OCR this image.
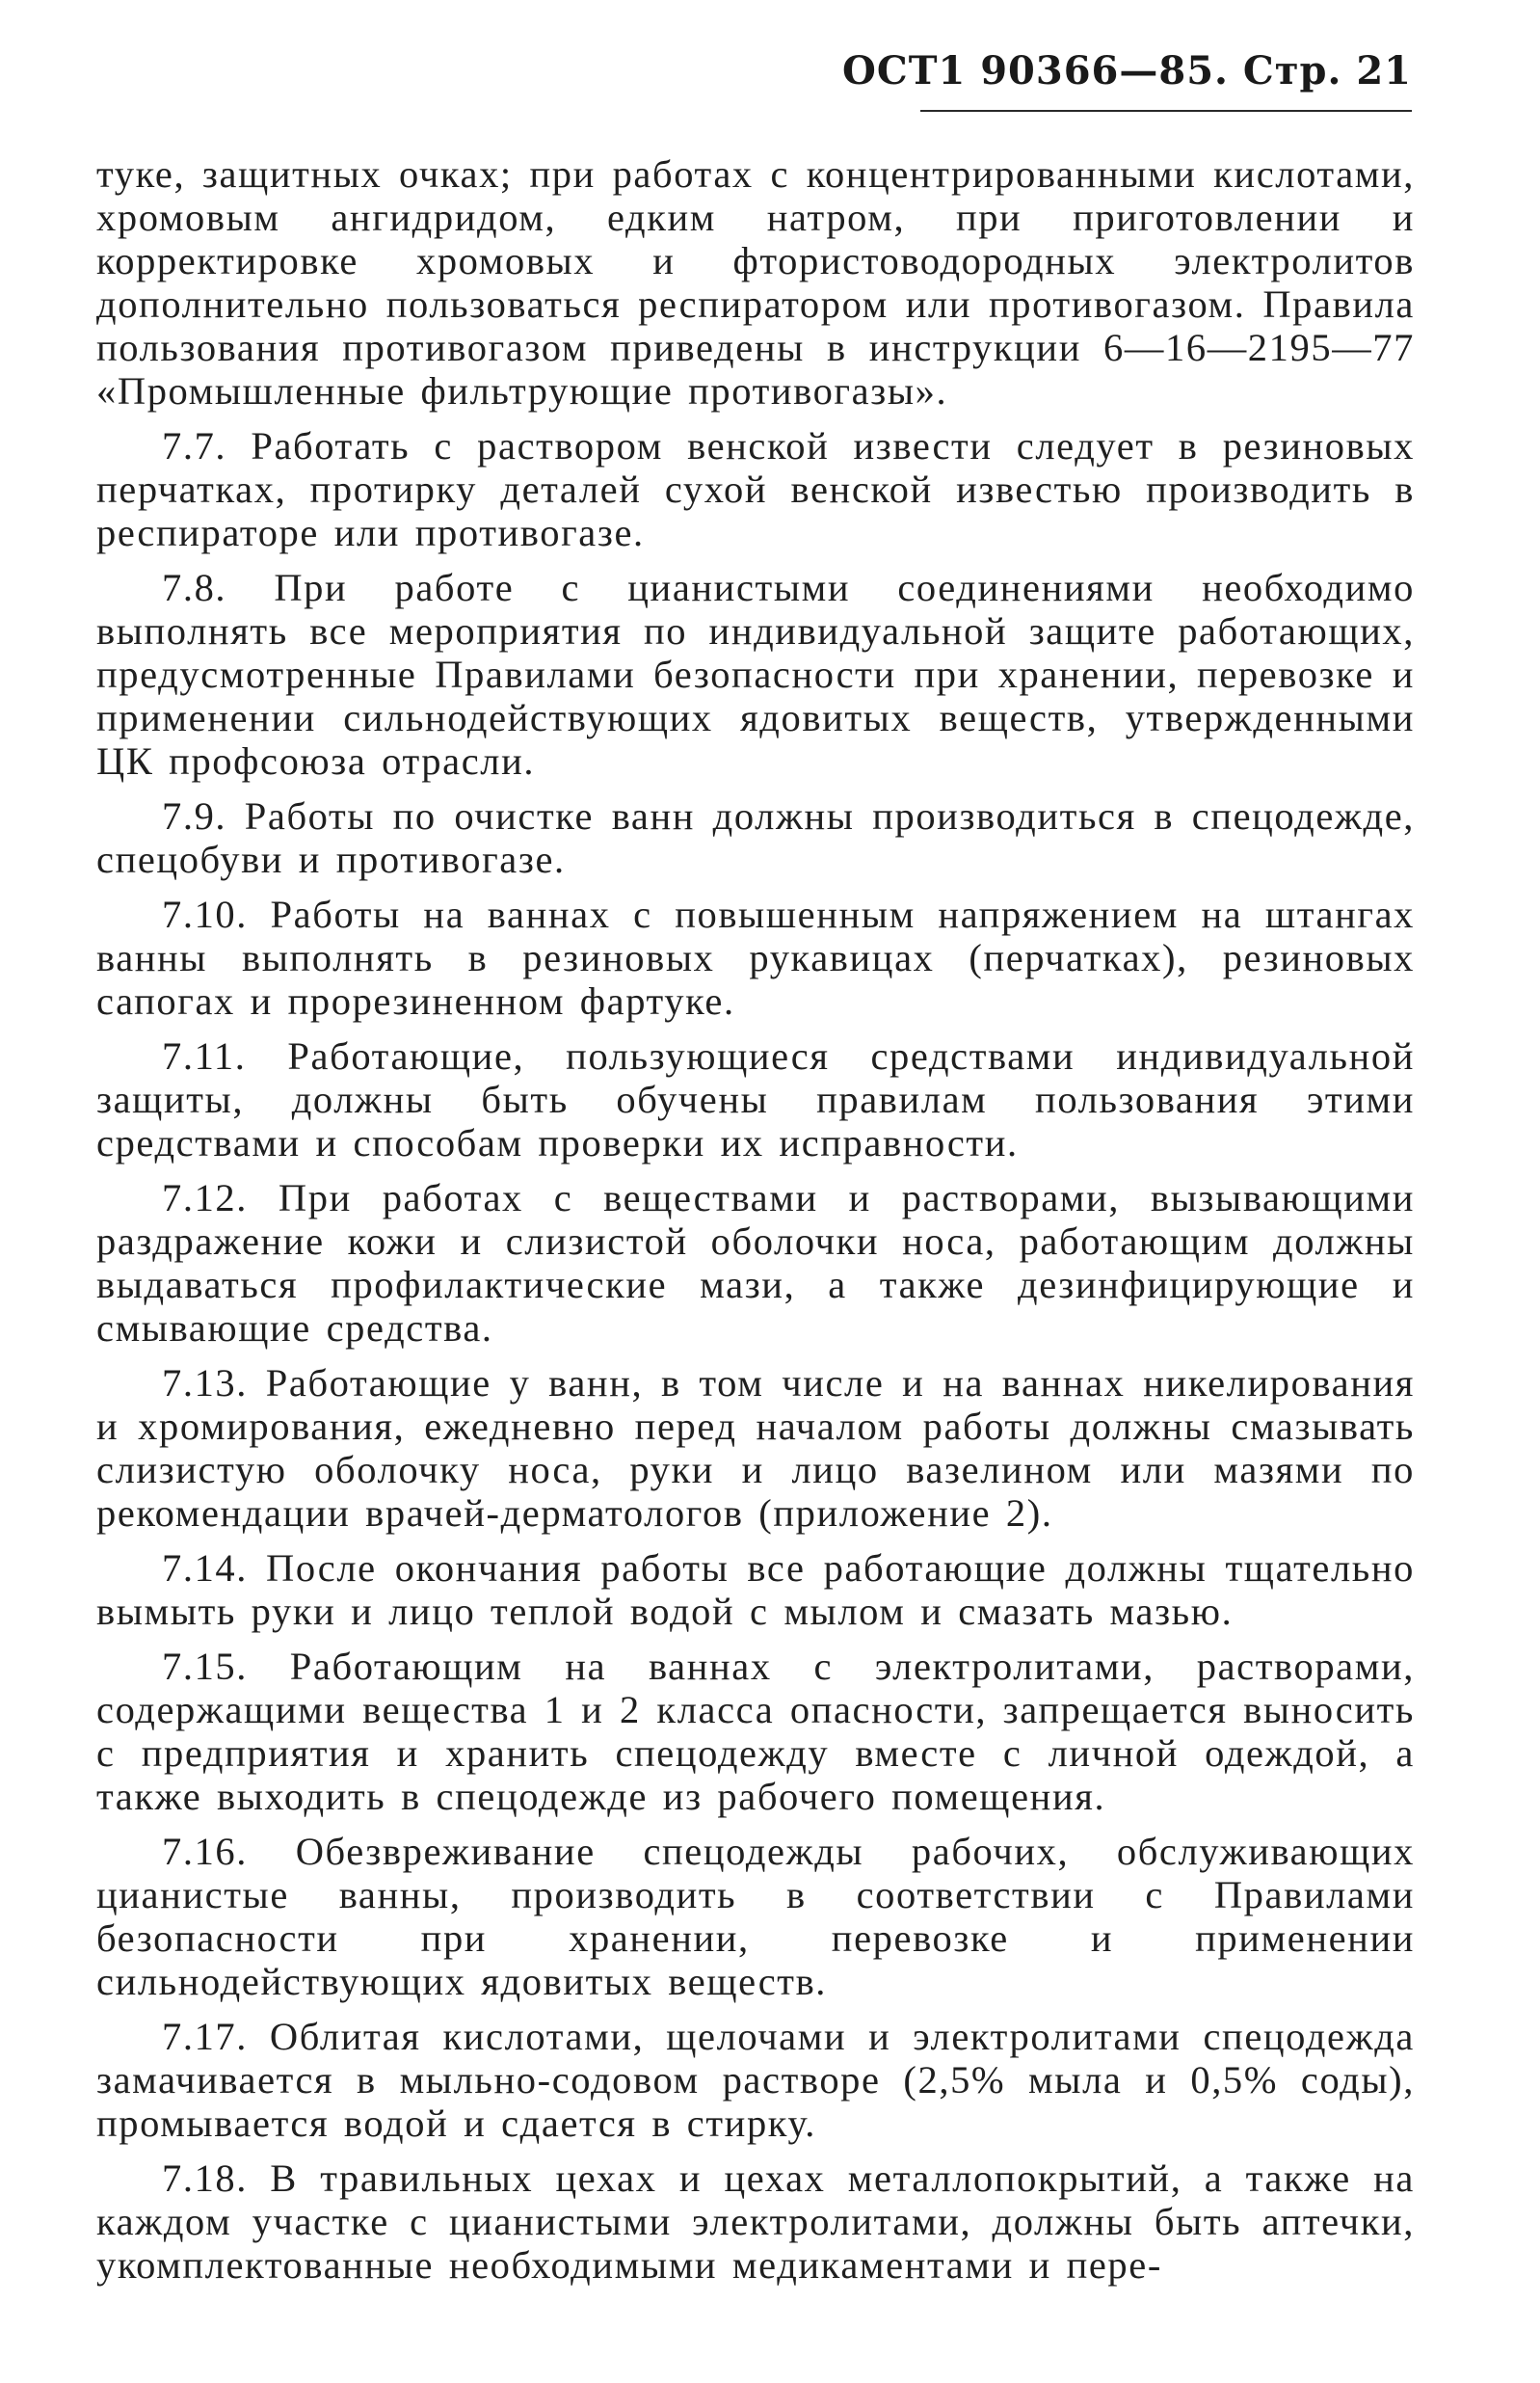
ОСТ1 90366—85. Стр. 21

туке, защитных очках; при работах с концентрированными кислотами, хромовым ангидридом, едким натром, при приготовлении и корректировке хромовых и фтористоводородных электролитов дополнительно пользоваться респиратором или противогазом. Правила пользования противогазом приведены в инструкции 6—16—2195—77 «Промышленные фильтрующие противогазы».

7.7. Работать с раствором венской извести следует в резиновых перчатках, протирку деталей сухой венской известью производить в респираторе или противогазе.

7.8. При работе с цианистыми соединениями необходимо выполнять все мероприятия по индивидуальной защите работающих, предусмотренные Правилами безопасности при хранении, перевозке и применении сильнодействующих ядовитых веществ, утвержденными ЦК профсоюза отрасли.

7.9. Работы по очистке ванн должны производиться в спецодежде, спецобуви и противогазе.

7.10. Работы на ваннах с повышенным напряжением на штангах ванны выполнять в резиновых рукавицах (перчатках), резиновых сапогах и прорезиненном фартуке.

7.11. Работающие, пользующиеся средствами индивидуальной защиты, должны быть обучены правилам пользования этими средствами и способам проверки их исправности.

7.12. При работах с веществами и растворами, вызывающими раздражение кожи и слизистой оболочки носа, работающим должны выдаваться профилактические мази, а также дезинфицирующие и смывающие средства.

7.13. Работающие у ванн, в том числе и на ваннах никелирования и хромирования, ежедневно перед началом работы должны смазывать слизистую оболочку носа, руки и лицо вазелином или мазями по рекомендации врачей-дерматологов (приложение 2).

7.14. После окончания работы все работающие должны тщательно вымыть руки и лицо теплой водой с мылом и смазать мазью.

7.15. Работающим на ваннах с электролитами, растворами, содержащими вещества 1 и 2 класса опасности, запрещается выносить с предприятия и хранить спецодежду вместе с личной одеждой, а также выходить в спецодежде из рабочего помещения.

7.16. Обезвреживание спецодежды рабочих, обслуживающих цианистые ванны, производить в соответствии с Правилами безопасности при хранении, перевозке и применении сильнодействующих ядовитых веществ.

7.17. Облитая кислотами, щелочами и электролитами спецодежда замачивается в мыльно-содовом растворе (2,5% мыла и 0,5% соды), промывается водой и сдается в стирку.

7.18. В травильных цехах и цехах металлопокрытий, а также на каждом участке с цианистыми электролитами, должны быть аптечки, укомплектованные необходимыми медикаментами и пере-
